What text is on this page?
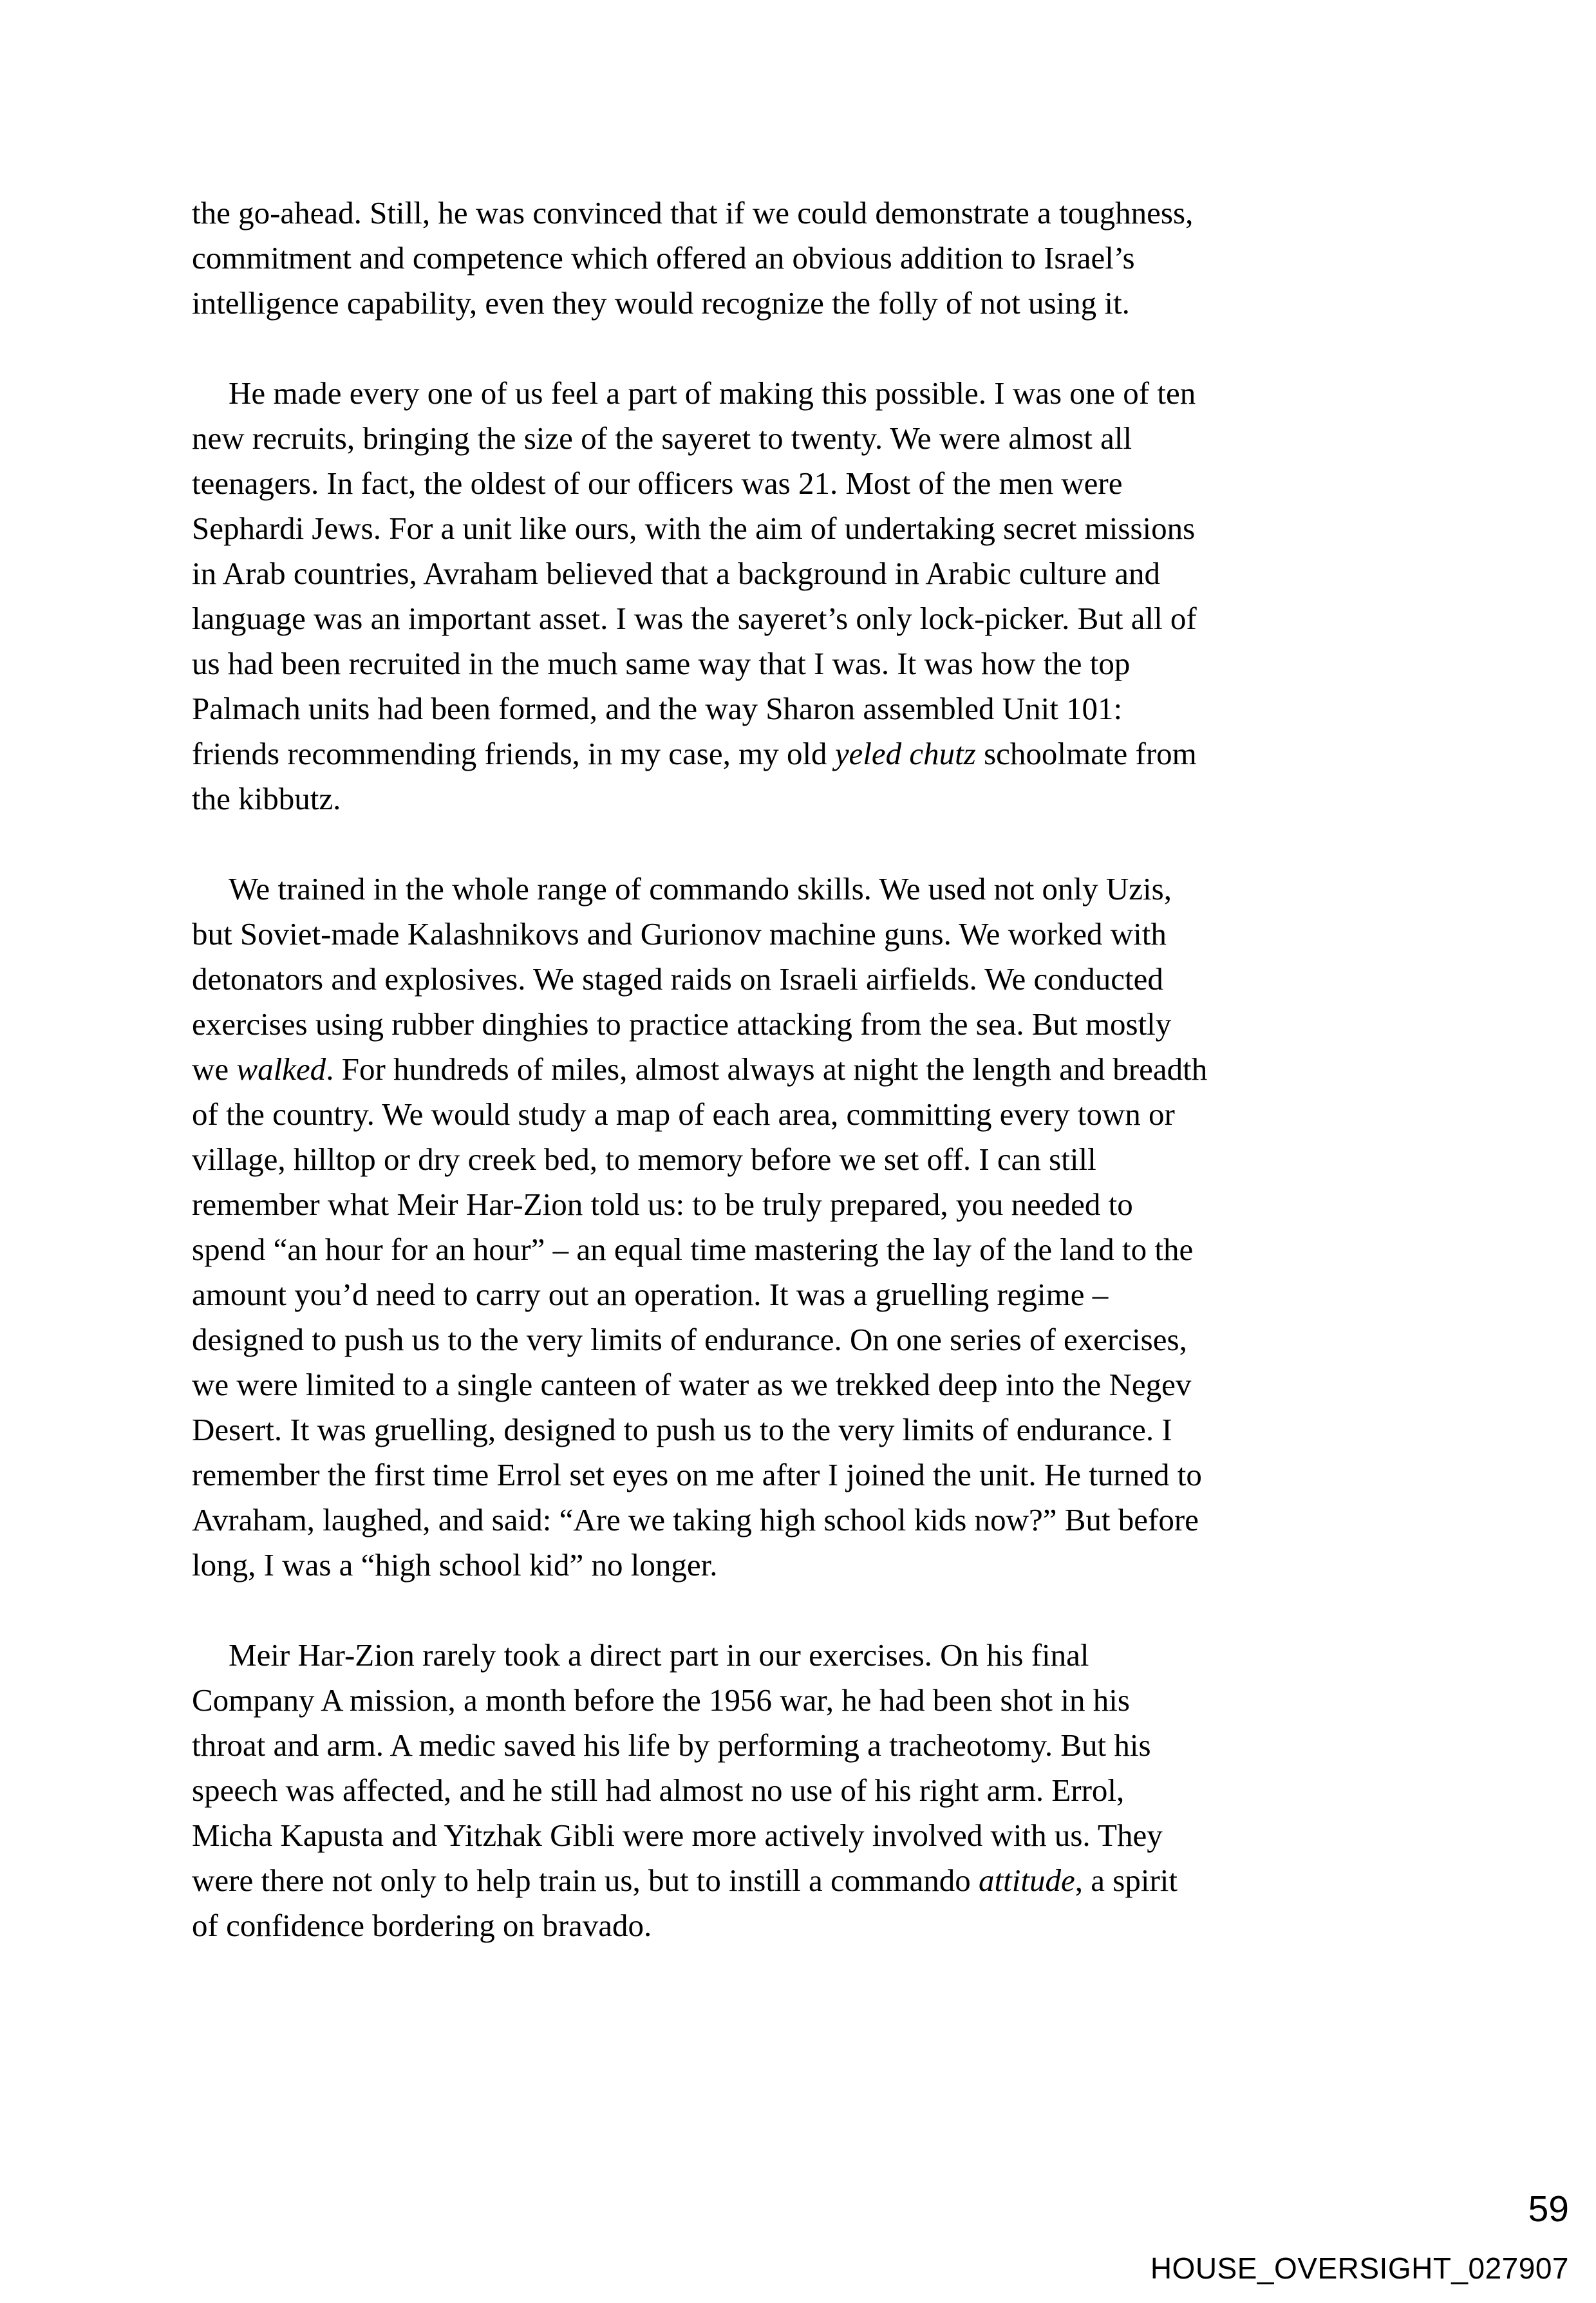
the go-ahead. Still, he was convinced that if we could demonstrate a toughness,
commitment and competence which offered an obvious addition to Israel’s
intelligence capability, even they would recognize the folly of not using it.
He made every one of us feel a part of making this possible. I was one of ten
new recruits, bringing the size of the sayeret to twenty. We were almost all
teenagers. In fact, the oldest of our officers was 21. Most of the men were
Sephardi Jews. For a unit like ours, with the aim of undertaking secret missions
in Arab countries, Avraham believed that a background in Arabic culture and
language was an important asset. I was the sayeret’s only lock-picker. But all of
us had been recruited in the much same way that I was. It was how the top
Palmach units had been formed, and the way Sharon assembled Unit 101:
friends recommending friends, in my case, my old yeled chutz schoolmate from
the kibbutz.
We trained in the whole range of commando skills. We used not only Uzis,
but Soviet-made Kalashnikovs and Gurionov machine guns. We worked with
detonators and explosives. We staged raids on Israeli airfields. We conducted
exercises using rubber dinghies to practice attacking from the sea. But mostly
we walked. For hundreds of miles, almost always at night the length and breadth
of the country. We would study a map of each area, committing every town or
village, hilltop or dry creek bed, to memory before we set off. I can still
remember what Meir Har-Zion told us: to be truly prepared, you needed to
spend “an hour for an hour” – an equal time mastering the lay of the land to the
amount you’d need to carry out an operation. It was a gruelling regime –
designed to push us to the very limits of endurance. On one series of exercises,
we were limited to a single canteen of water as we trekked deep into the Negev
Desert. It was gruelling, designed to push us to the very limits of endurance. I
remember the first time Errol set eyes on me after I joined the unit. He turned to
Avraham, laughed, and said: “Are we taking high school kids now?” But before
long, I was a “high school kid” no longer.
Meir Har-Zion rarely took a direct part in our exercises. On his final
Company A mission, a month before the 1956 war, he had been shot in his
throat and arm. A medic saved his life by performing a tracheotomy. But his
speech was affected, and he still had almost no use of his right arm. Errol,
Micha Kapusta and Yitzhak Gibli were more actively involved with us. They
were there not only to help train us, but to instill a commando attitude, a spirit
of confidence bordering on bravado.
59
HOUSE_OVERSIGHT_027907
